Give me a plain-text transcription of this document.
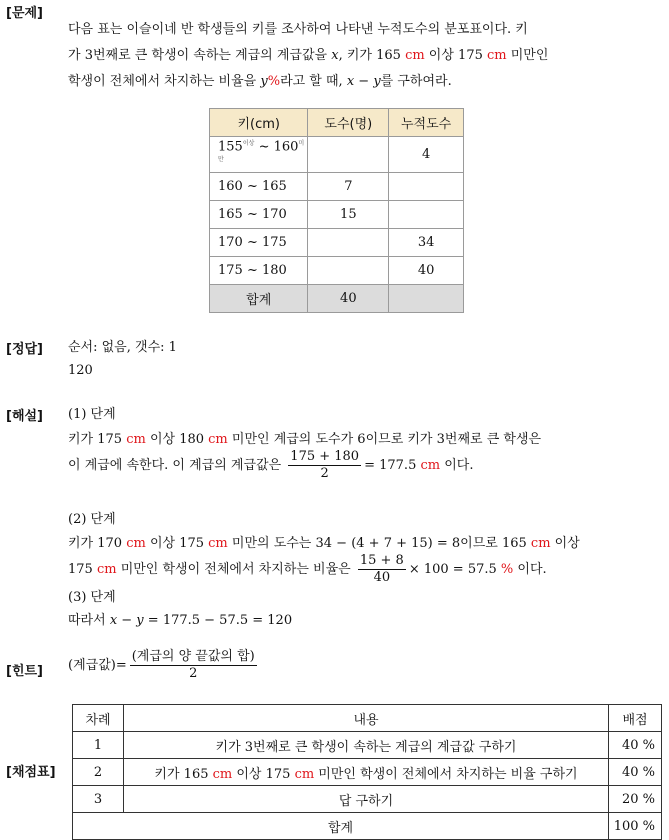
[문제]
다음 표는 이슬이네 반 학생들의 키를 조사하여 나타낸 누적도수의 분포표이다. 키
가 3번째로 큰 학생이 속하는 계급의 계급값을 x, 키가 165 cm 이상 175 cm 미만인
학생이 전체에서 차지하는 비율을 y%라고 할 때, x − y를 구하여라.
키(cm)	도수(명)	누적도수
$155^{이상}$ ~ $160^{미만}$		4
160 ~ 165	7	
165 ~ 170	15	
170 ~ 175		34
175 ~ 180		40
합계	40	
[정답] 순서: 없음, 갯수: 1
120
[해설] (1) 단계
키가 175 cm 이상 180 cm 미만인 계급의 도수가 6이므로 키가 3번째로 큰 학생은
이 계급에 속한다. 이 계급의 계급값은 $\frac{175 + 180}{2} = 177.5$ cm 이다.
(2) 단계
키가 170 cm 이상 175 cm 미만의 도수는 34 − (4 + 7 + 15) = 8이므로 165 cm 이상
175 cm 미만인 학생이 전체에서 차지하는 비율은 $\frac{15 + 8}{40} \times 100 = 57.5$ % 이다.
(3) 단계
따라서 x − y = 177.5 − 57.5 = 120
[힌트] (계급값)= $\frac{\text{(계급의 양 끝값의 합)}}{2}$
[채점표]
차례	내용	배점
1	키가 3번째로 큰 학생이 속하는 계급의 계급값 구하기	40 %
2	키가 165 cm 이상 175 cm 미만인 학생이 전체에서 차지하는 비율 구하기	40 %
3	답 구하기	20 %
합계		100 %
